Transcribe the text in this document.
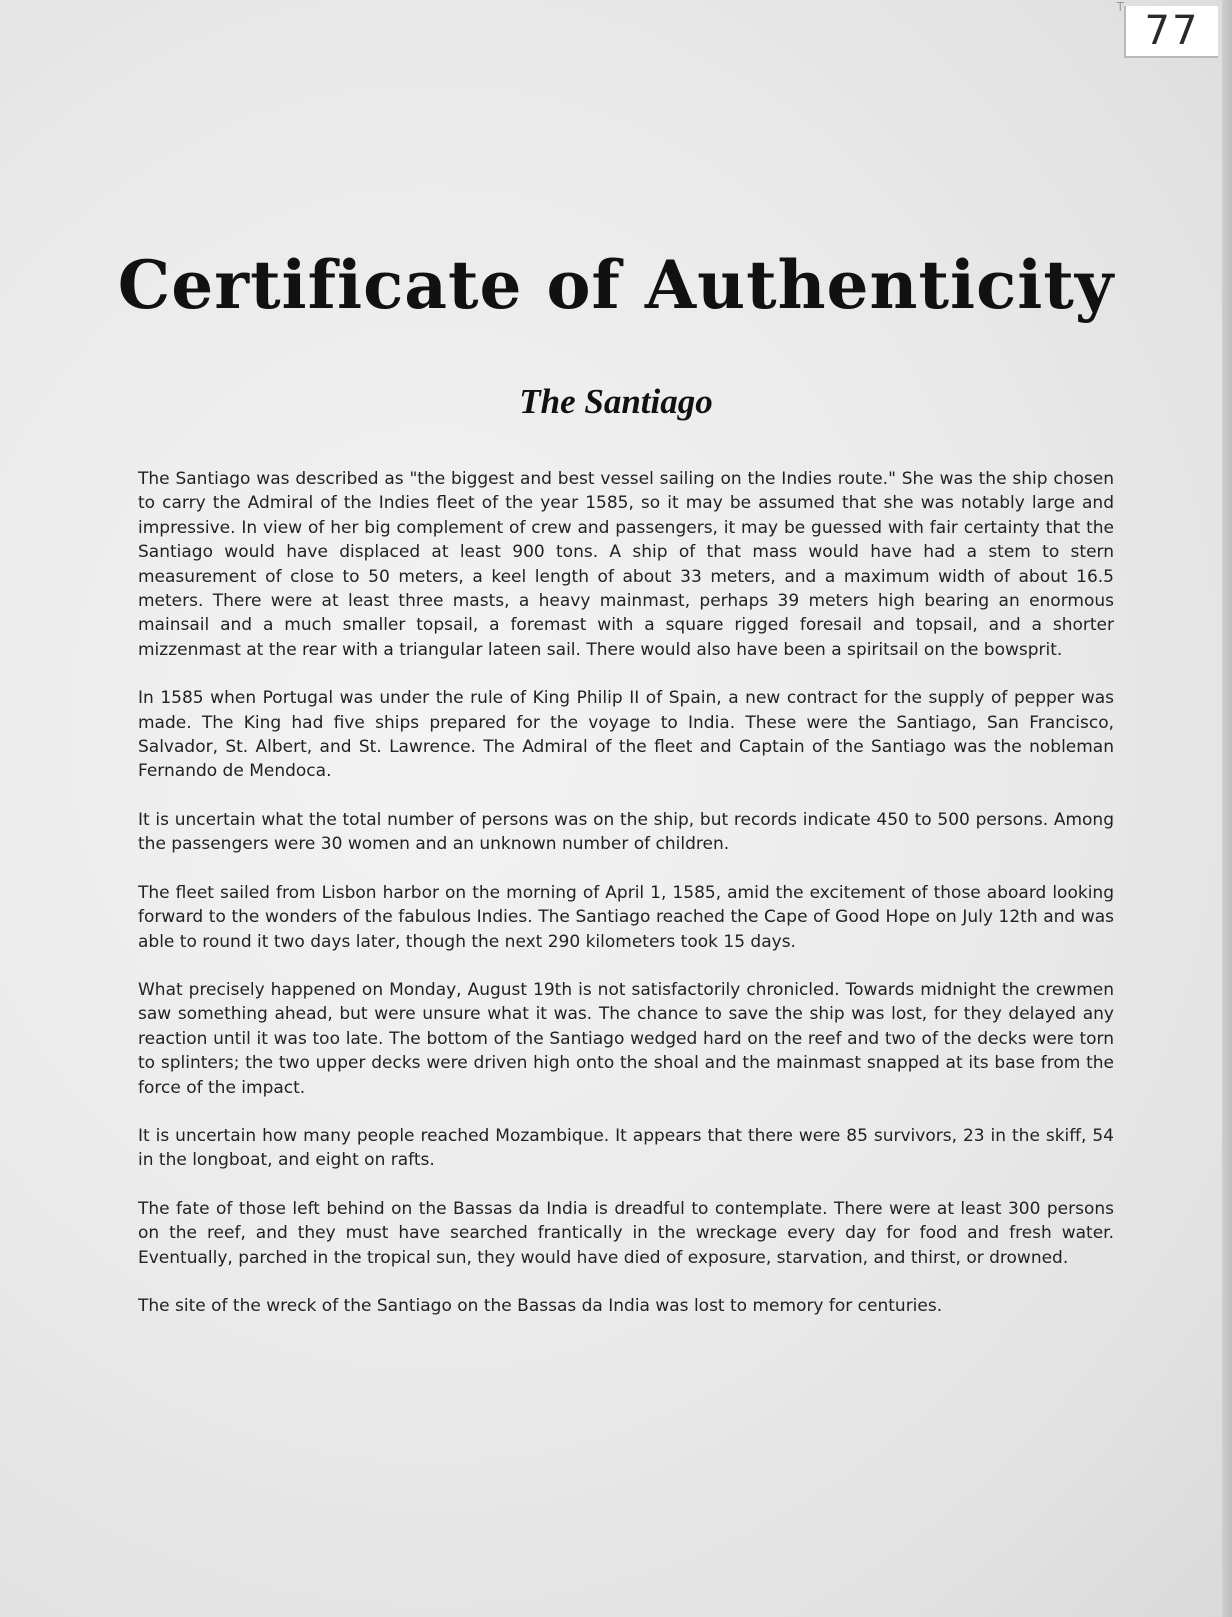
T
77
Certificate of Authenticity
The Santiago

The Santiago was described as "the biggest and best vessel sailing on the Indies route." She was the ship chosen to carry the Admiral of the Indies fleet of the year 1585, so it may be assumed that she was notably large and impressive. In view of her big complement of crew and passengers, it may be guessed with fair certainty that the Santiago would have displaced at least 900 tons. A ship of that mass would have had a stem to stern measurement of close to 50 meters, a keel length of about 33 meters, and a maximum width of about 16.5 meters. There were at least three masts, a heavy mainmast, perhaps 39 meters high bearing an enormous mainsail and a much smaller topsail, a foremast with a square rigged foresail and topsail, and a shorter mizzenmast at the rear with a triangular lateen sail. There would also have been a spiritsail on the bowsprit.

In 1585 when Portugal was under the rule of King Philip II of Spain, a new contract for the supply of pepper was made. The King had five ships prepared for the voyage to India. These were the Santiago, San Francisco, Salvador, St. Albert, and St. Lawrence. The Admiral of the fleet and Captain of the Santiago was the nobleman Fernando de Mendoca.

It is uncertain what the total number of persons was on the ship, but records indicate 450 to 500 persons. Among the passengers were 30 women and an unknown number of children.

The fleet sailed from Lisbon harbor on the morning of April 1, 1585, amid the excitement of those aboard looking forward to the wonders of the fabulous Indies. The Santiago reached the Cape of Good Hope on July 12th and was able to round it two days later, though the next 290 kilometers took 15 days.

What precisely happened on Monday, August 19th is not satisfactorily chronicled. Towards midnight the crewmen saw something ahead, but were unsure what it was. The chance to save the ship was lost, for they delayed any reaction until it was too late. The bottom of the Santiago wedged hard on the reef and two of the decks were torn to splinters; the two upper decks were driven high onto the shoal and the mainmast snapped at its base from the force of the impact.

It is uncertain how many people reached Mozambique. It appears that there were 85 survivors, 23 in the skiff, 54 in the longboat, and eight on rafts.

The fate of those left behind on the Bassas da India is dreadful to contemplate. There were at least 300 persons on the reef, and they must have searched frantically in the wreckage every day for food and fresh water. Eventually, parched in the tropical sun, they would have died of exposure, starvation, and thirst, or drowned.

The site of the wreck of the Santiago on the Bassas da India was lost to memory for centuries.
